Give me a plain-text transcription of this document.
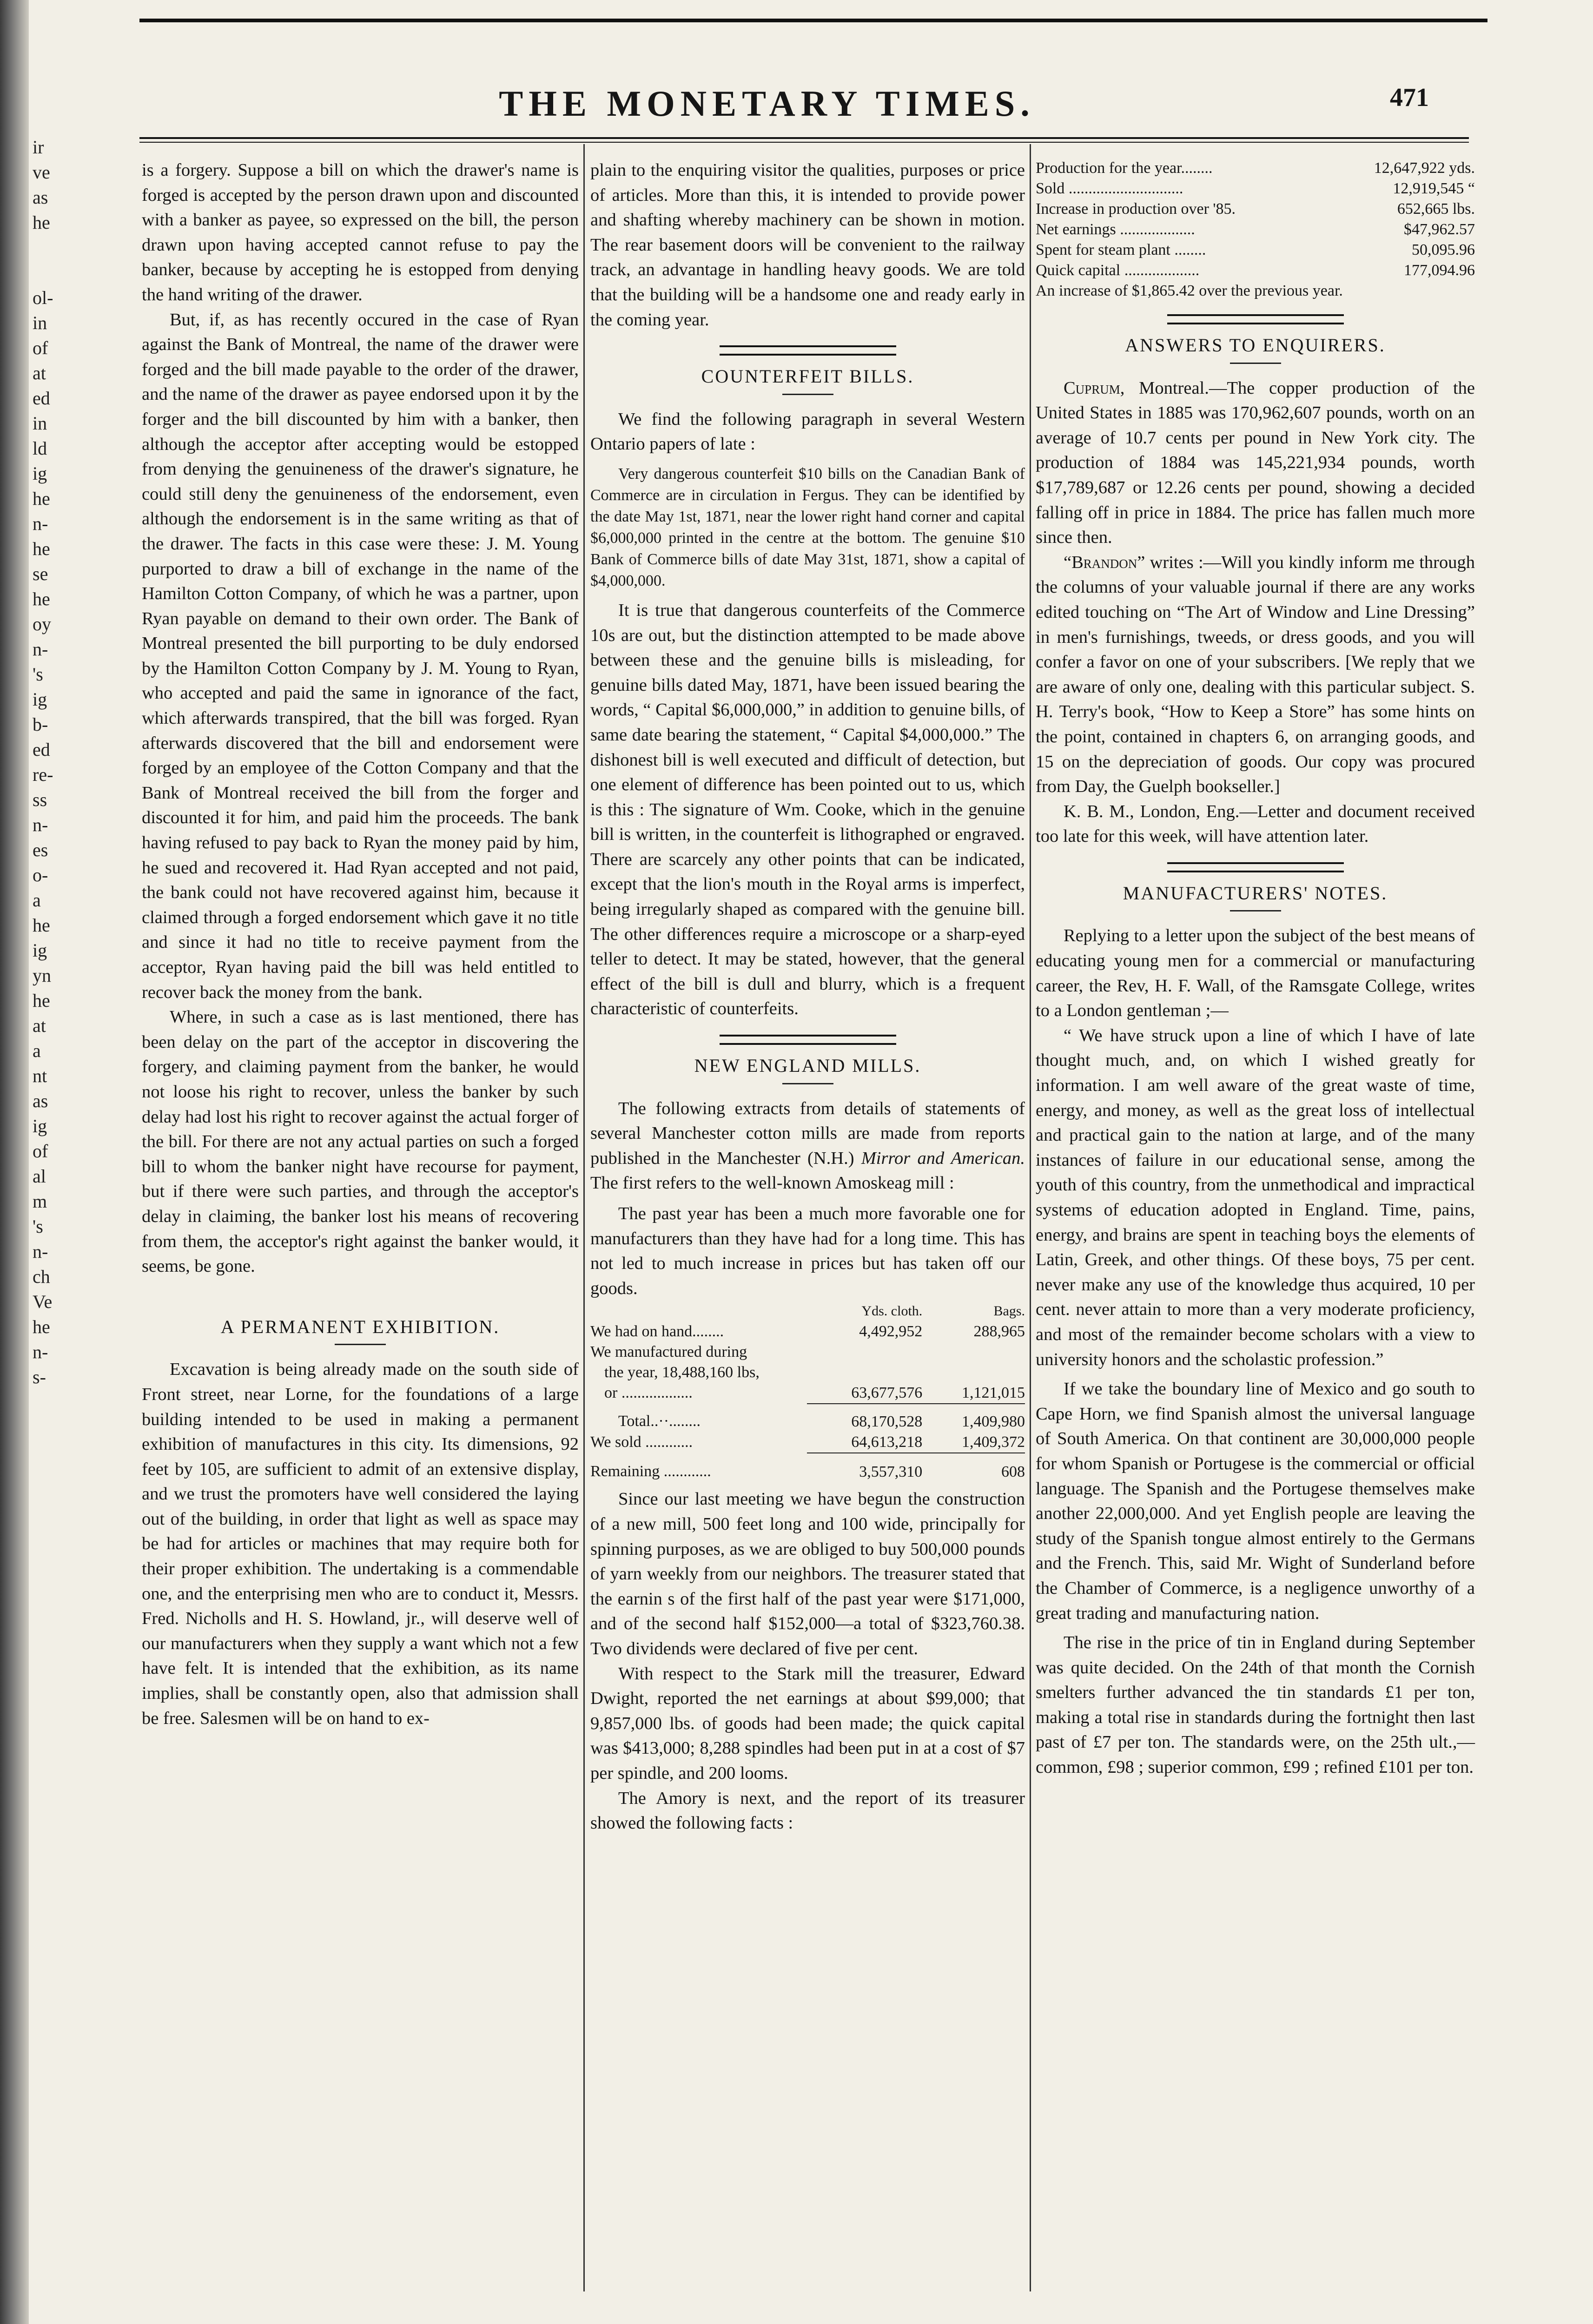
ir
ve
as
he

ol-
in
of
at
ed
in
ld
ig
he
n-
he
se
he
oy
n-
's
ig
b-
ed
re-
ss
n-
es
o-
a
he
ig
yn
he
at
a
nt
as
ig
of
al
m
's
n-
ch
Ve
he
n-
s-
THE MONETARY TIMES.	471

is a forgery. Suppose a bill on which the drawer's name is forged is accepted by the person drawn upon and discounted with a banker as payee, so expressed on the bill, the person drawn upon having accepted cannot refuse to pay the banker, because by accepting he is estopped from denying the hand writing of the drawer.

But, if, as has recently occured in the case of Ryan against the Bank of Montreal, the name of the drawer were forged and the bill made payable to the order of the drawer, and the name of the drawer as payee endorsed upon it by the forger and the bill discounted by him with a banker, then although the acceptor after accepting would be estopped from denying the genuineness of the drawer's signature, he could still deny the genuineness of the endorsement, even although the endorsement is in the same writing as that of the drawer. The facts in this case were these: J. M. Young purported to draw a bill of exchange in the name of the Hamilton Cotton Company, of which he was a partner, upon Ryan payable on demand to their own order. The Bank of Montreal presented the bill purporting to be duly endorsed by the Hamilton Cotton Company by J. M. Young to Ryan, who accepted and paid the same in ignorance of the fact, which afterwards transpired, that the bill was forged. Ryan afterwards discovered that the bill and endorsement were forged by an employee of the Cotton Company and that the Bank of Montreal received the bill from the forger and discounted it for him, and paid him the proceeds. The bank having refused to pay back to Ryan the money paid by him, he sued and recovered it. Had Ryan accepted and not paid, the bank could not have recovered against him, because it claimed through a forged endorsement which gave it no title and since it had no title to receive payment from the acceptor, Ryan having paid the bill was held entitled to recover back the money from the bank.

Where, in such a case as is last mentioned, there has been delay on the part of the acceptor in discovering the forgery, and claiming payment from the banker, he would not loose his right to recover, unless the banker by such delay had lost his right to recover against the actual forger of the bill. For there are not any actual parties on such a forged bill to whom the banker night have recourse for payment, but if there were such parties, and through the acceptor's delay in claiming, the banker lost his means of recovering from them, the acceptor's right against the banker would, it seems, be gone.

A PERMANENT EXHIBITION.

Excavation is being already made on the south side of Front street, near Lorne, for the foundations of a large building intended to be used in making a permanent exhibition of manufactures in this city. Its dimensions, 92 feet by 105, are sufficient to admit of an extensive display, and we trust the promoters have well considered the laying out of the building, in order that light as well as space may be had for articles or machines that may require both for their proper exhibition. The undertaking is a commendable one, and the enterprising men who are to conduct it, Messrs. Fred. Nicholls and H. S. Howland, jr., will deserve well of our manufacturers when they supply a want which not a few have felt. It is intended that the exhibition, as its name implies, shall be constantly open, also that admission shall be free. Salesmen will be on hand to ex-

plain to the enquiring visitor the qualities, purposes or price of articles. More than this, it is intended to provide power and shafting whereby machinery can be shown in motion. The rear basement doors will be convenient to the railway track, an advantage in handling heavy goods. We are told that the building will be a handsome one and ready early in the coming year.

COUNTERFEIT BILLS.

We find the following paragraph in several Western Ontario papers of late :

Very dangerous counterfeit $10 bills on the Canadian Bank of Commerce are in circulation in Fergus. They can be identified by the date May 1st, 1871, near the lower right hand corner and capital $6,000,000 printed in the centre at the bottom. The genuine $10 Bank of Commerce bills of date May 31st, 1871, show a capital of $4,000,000.

It is true that dangerous counterfeits of the Commerce 10s are out, but the distinction attempted to be made above between these and the genuine bills is misleading, for genuine bills dated May, 1871, have been issued bearing the words, “ Capital $6,000,000,” in addition to genuine bills, of same date bearing the statement, “ Capital $4,000,000.” The dishonest bill is well executed and difficult of detection, but one element of difference has been pointed out to us, which is this : The signature of Wm. Cooke, which in the genuine bill is written, in the counterfeit is lithographed or engraved. There are scarcely any other points that can be indicated, except that the lion's mouth in the Royal arms is imperfect, being irregularly shaped as compared with the genuine bill. The other differences require a microscope or a sharp-eyed teller to detect. It may be stated, however, that the general effect of the bill is dull and blurry, which is a frequent characteristic of counterfeits.

NEW ENGLAND MILLS.

The following extracts from details of statements of several Manchester cotton mills are made from reports published in the Manchester (N.H.) Mirror and American. The first refers to the well-known Amoskeag mill :

The past year has been a much more favorable one for manufacturers than they have had for a long time. This has not led to much increase in prices but has taken off our goods.

	Yds. cloth.	Bags.
We had on hand........	4,492,952	288,965
We manufactured during		
the year, 18,488,160 lbs,		
or ..................	63,677,576	1,121,015
Total..··........	68,170,528	1,409,980
We sold ............	64,613,218	1,409,372
Remaining ............	3,557,310	608

Since our last meeting we have begun the construction of a new mill, 500 feet long and 100 wide, principally for spinning purposes, as we are obliged to buy 500,000 pounds of yarn weekly from our neighbors. The treasurer stated that the earnin s of the first half of the past year were $171,000, and of the second half $152,000—a total of $323,760.38. Two dividends were declared of five per cent.

With respect to the Stark mill the treasurer, Edward Dwight, reported the net earnings at about $99,000; that 9,857,000 lbs. of goods had been made; the quick capital was $413,000; 8,288 spindles had been put in at a cost of $7 per spindle, and 200 looms.

The Amory is next, and the report of its treasurer showed the following facts :

Production for the year........	12,647,922 yds.
Sold .............................	12,919,545 “
Increase in production over '85.	652,665 lbs.
Net earnings ...................	$47,962.57
Spent for steam plant ........	50,095.96
Quick capital ...................	177,094.96
An increase of $1,865.42 over the previous year.
ANSWERS TO ENQUIRERS.

Cuprum, Montreal.—The copper production of the United States in 1885 was 170,962,607 pounds, worth on an average of 10.7 cents per pound in New York city. The production of 1884 was 145,221,934 pounds, worth $17,789,687 or 12.26 cents per pound, showing a decided falling off in price in 1884. The price has fallen much more since then.

“Brandon” writes :—Will you kindly inform me through the columns of your valuable journal if there are any works edited touching on “The Art of Window and Line Dressing” in men's furnishings, tweeds, or dress goods, and you will confer a favor on one of your subscribers. [We reply that we are aware of only one, dealing with this particular subject. S. H. Terry's book, “How to Keep a Store” has some hints on the point, contained in chapters 6, on arranging goods, and 15 on the depreciation of goods. Our copy was procured from Day, the Guelph bookseller.]

K. B. M., London, Eng.—Letter and document received too late for this week, will have attention later.

MANUFACTURERS' NOTES.

Replying to a letter upon the subject of the best means of educating young men for a commercial or manufacturing career, the Rev, H. F. Wall, of the Ramsgate College, writes to a London gentleman ;—

“ We have struck upon a line of which I have of late thought much, and, on which I wished greatly for information. I am well aware of the great waste of time, energy, and money, as well as the great loss of intellectual and practical gain to the nation at large, and of the many instances of failure in our educational sense, among the youth of this country, from the unmethodical and impractical systems of education adopted in England. Time, pains, energy, and brains are spent in teaching boys the elements of Latin, Greek, and other things. Of these boys, 75 per cent. never make any use of the knowledge thus acquired, 10 per cent. never attain to more than a very moderate proficiency, and most of the remainder become scholars with a view to university honors and the scholastic profession.”

If we take the boundary line of Mexico and go south to Cape Horn, we find Spanish almost the universal language of South America. On that continent are 30,000,000 people for whom Spanish or Portugese is the commercial or official language. The Spanish and the Portugese themselves make another 22,000,000. And yet English people are leaving the study of the Spanish tongue almost entirely to the Germans and the French. This, said Mr. Wight of Sunderland before the Chamber of Commerce, is a negligence unworthy of a great trading and manufacturing nation.

The rise in the price of tin in England during September was quite decided. On the 24th of that month the Cornish smelters further advanced the tin standards £1 per ton, making a total rise in standards during the fortnight then last past of £7 per ton. The standards were, on the 25th ult.,—common, £98 ; superior common, £99 ; refined £101 per ton.
